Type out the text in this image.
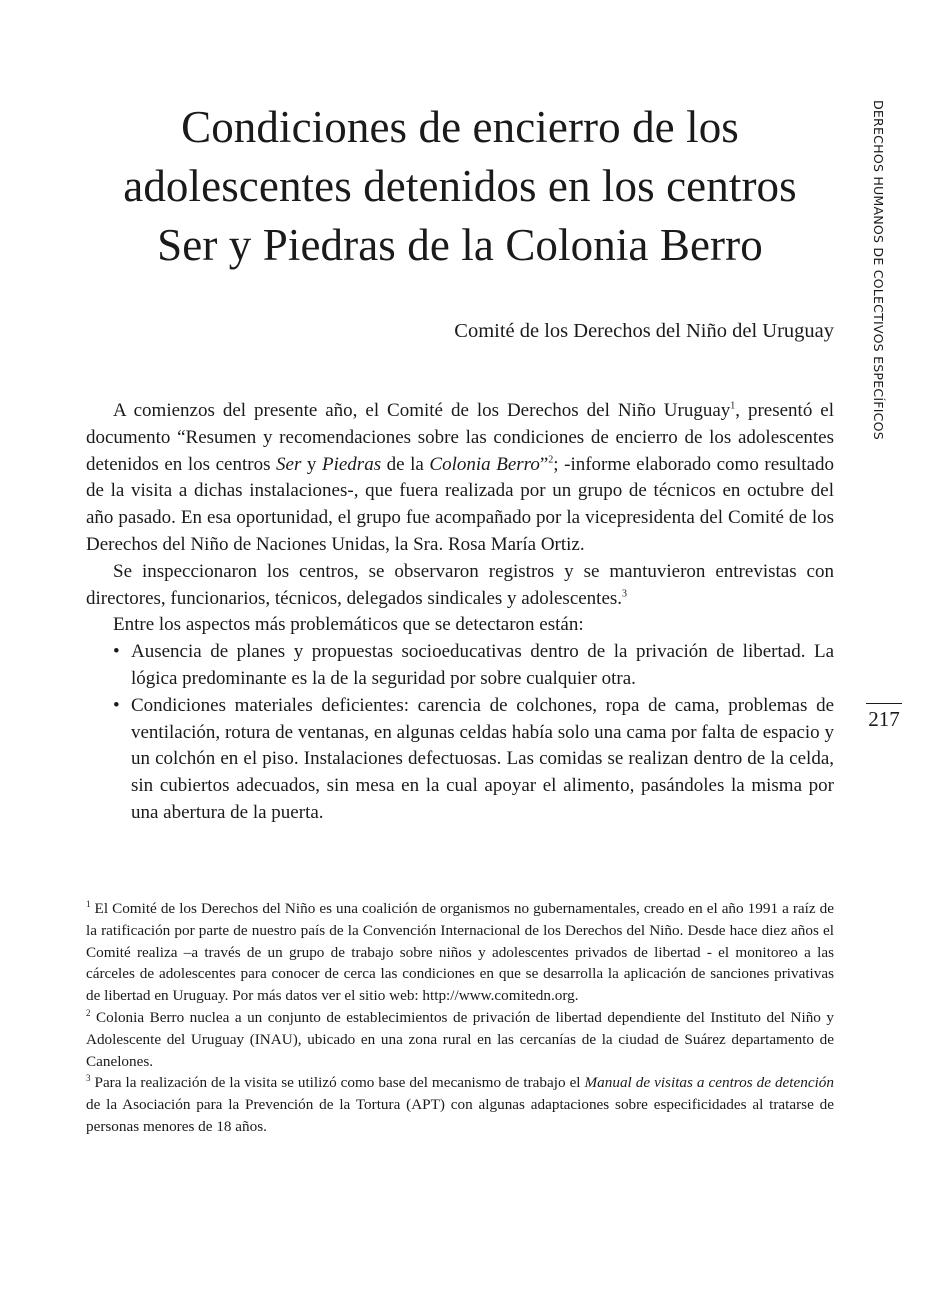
DERECHOS HUMANOS DE COLECTIVOS ESPECÍFICOS
217
Condiciones de encierro de los
adolescentes detenidos en los centros
Ser y Piedras de la Colonia Berro
Comité de los Derechos del Niño del Uruguay

A comienzos del presente año, el Comité de los Derechos del Niño Uruguay$^1$, presentó el documento “Resumen y recomendaciones sobre las condiciones de encierro de los adolescentes detenidos en los centros Ser y Piedras de la Colonia Berro”$^2$; -informe elaborado como resultado de la visita a dichas instalaciones-, que fuera realizada por un grupo de técnicos en octubre del año pasado. En esa oportunidad, el grupo fue acompañado por la vicepresidenta del Comité de los Derechos del Niño de Naciones Unidas, la Sra. Rosa María Ortiz.

Se inspeccionaron los centros, se observaron registros y se mantuvieron entrevistas con directores, funcionarios, técnicos, delegados sindicales y adolescentes.$^3$

Entre los aspectos más problemáticos que se detectaron están:

• Ausencia de planes y propuestas socioeducativas dentro de la privación de libertad. La lógica predominante es la de la seguridad por sobre cualquier otra.
• Condiciones materiales deficientes: carencia de colchones, ropa de cama, problemas de ventilación, rotura de ventanas, en algunas celdas había solo una cama por falta de espacio y un colchón en el piso. Instalaciones defectuosas. Las comidas se realizan dentro de la celda, sin cubiertos adecuados, sin mesa en la cual apoyar el alimento, pasándoles la misma por una abertura de la puerta.

$^1$ El Comité de los Derechos del Niño es una coalición de organismos no gubernamentales, creado en el año 1991 a raíz de la ratificación por parte de nuestro país de la Convención Internacional de los Derechos del Niño. Desde hace diez años el Comité realiza –a través de un grupo de trabajo sobre niños y adolescentes privados de libertad - el monitoreo a las cárceles de adolescentes para conocer de cerca las condiciones en que se desarrolla la aplicación de sanciones privativas de libertad en Uruguay. Por más datos ver el sitio web: http://www.comitedn.org.

$^2$ Colonia Berro nuclea a un conjunto de establecimientos de privación de libertad dependiente del Instituto del Niño y Adolescente del Uruguay (INAU), ubicado en una zona rural en las cercanías de la ciudad de Suárez departamento de Canelones.

$^3$ Para la realización de la visita se utilizó como base del mecanismo de trabajo el Manual de visitas a centros de detención de la Asociación para la Prevención de la Tortura (APT) con algunas adaptaciones sobre especificidades al tratarse de personas menores de 18 años.
